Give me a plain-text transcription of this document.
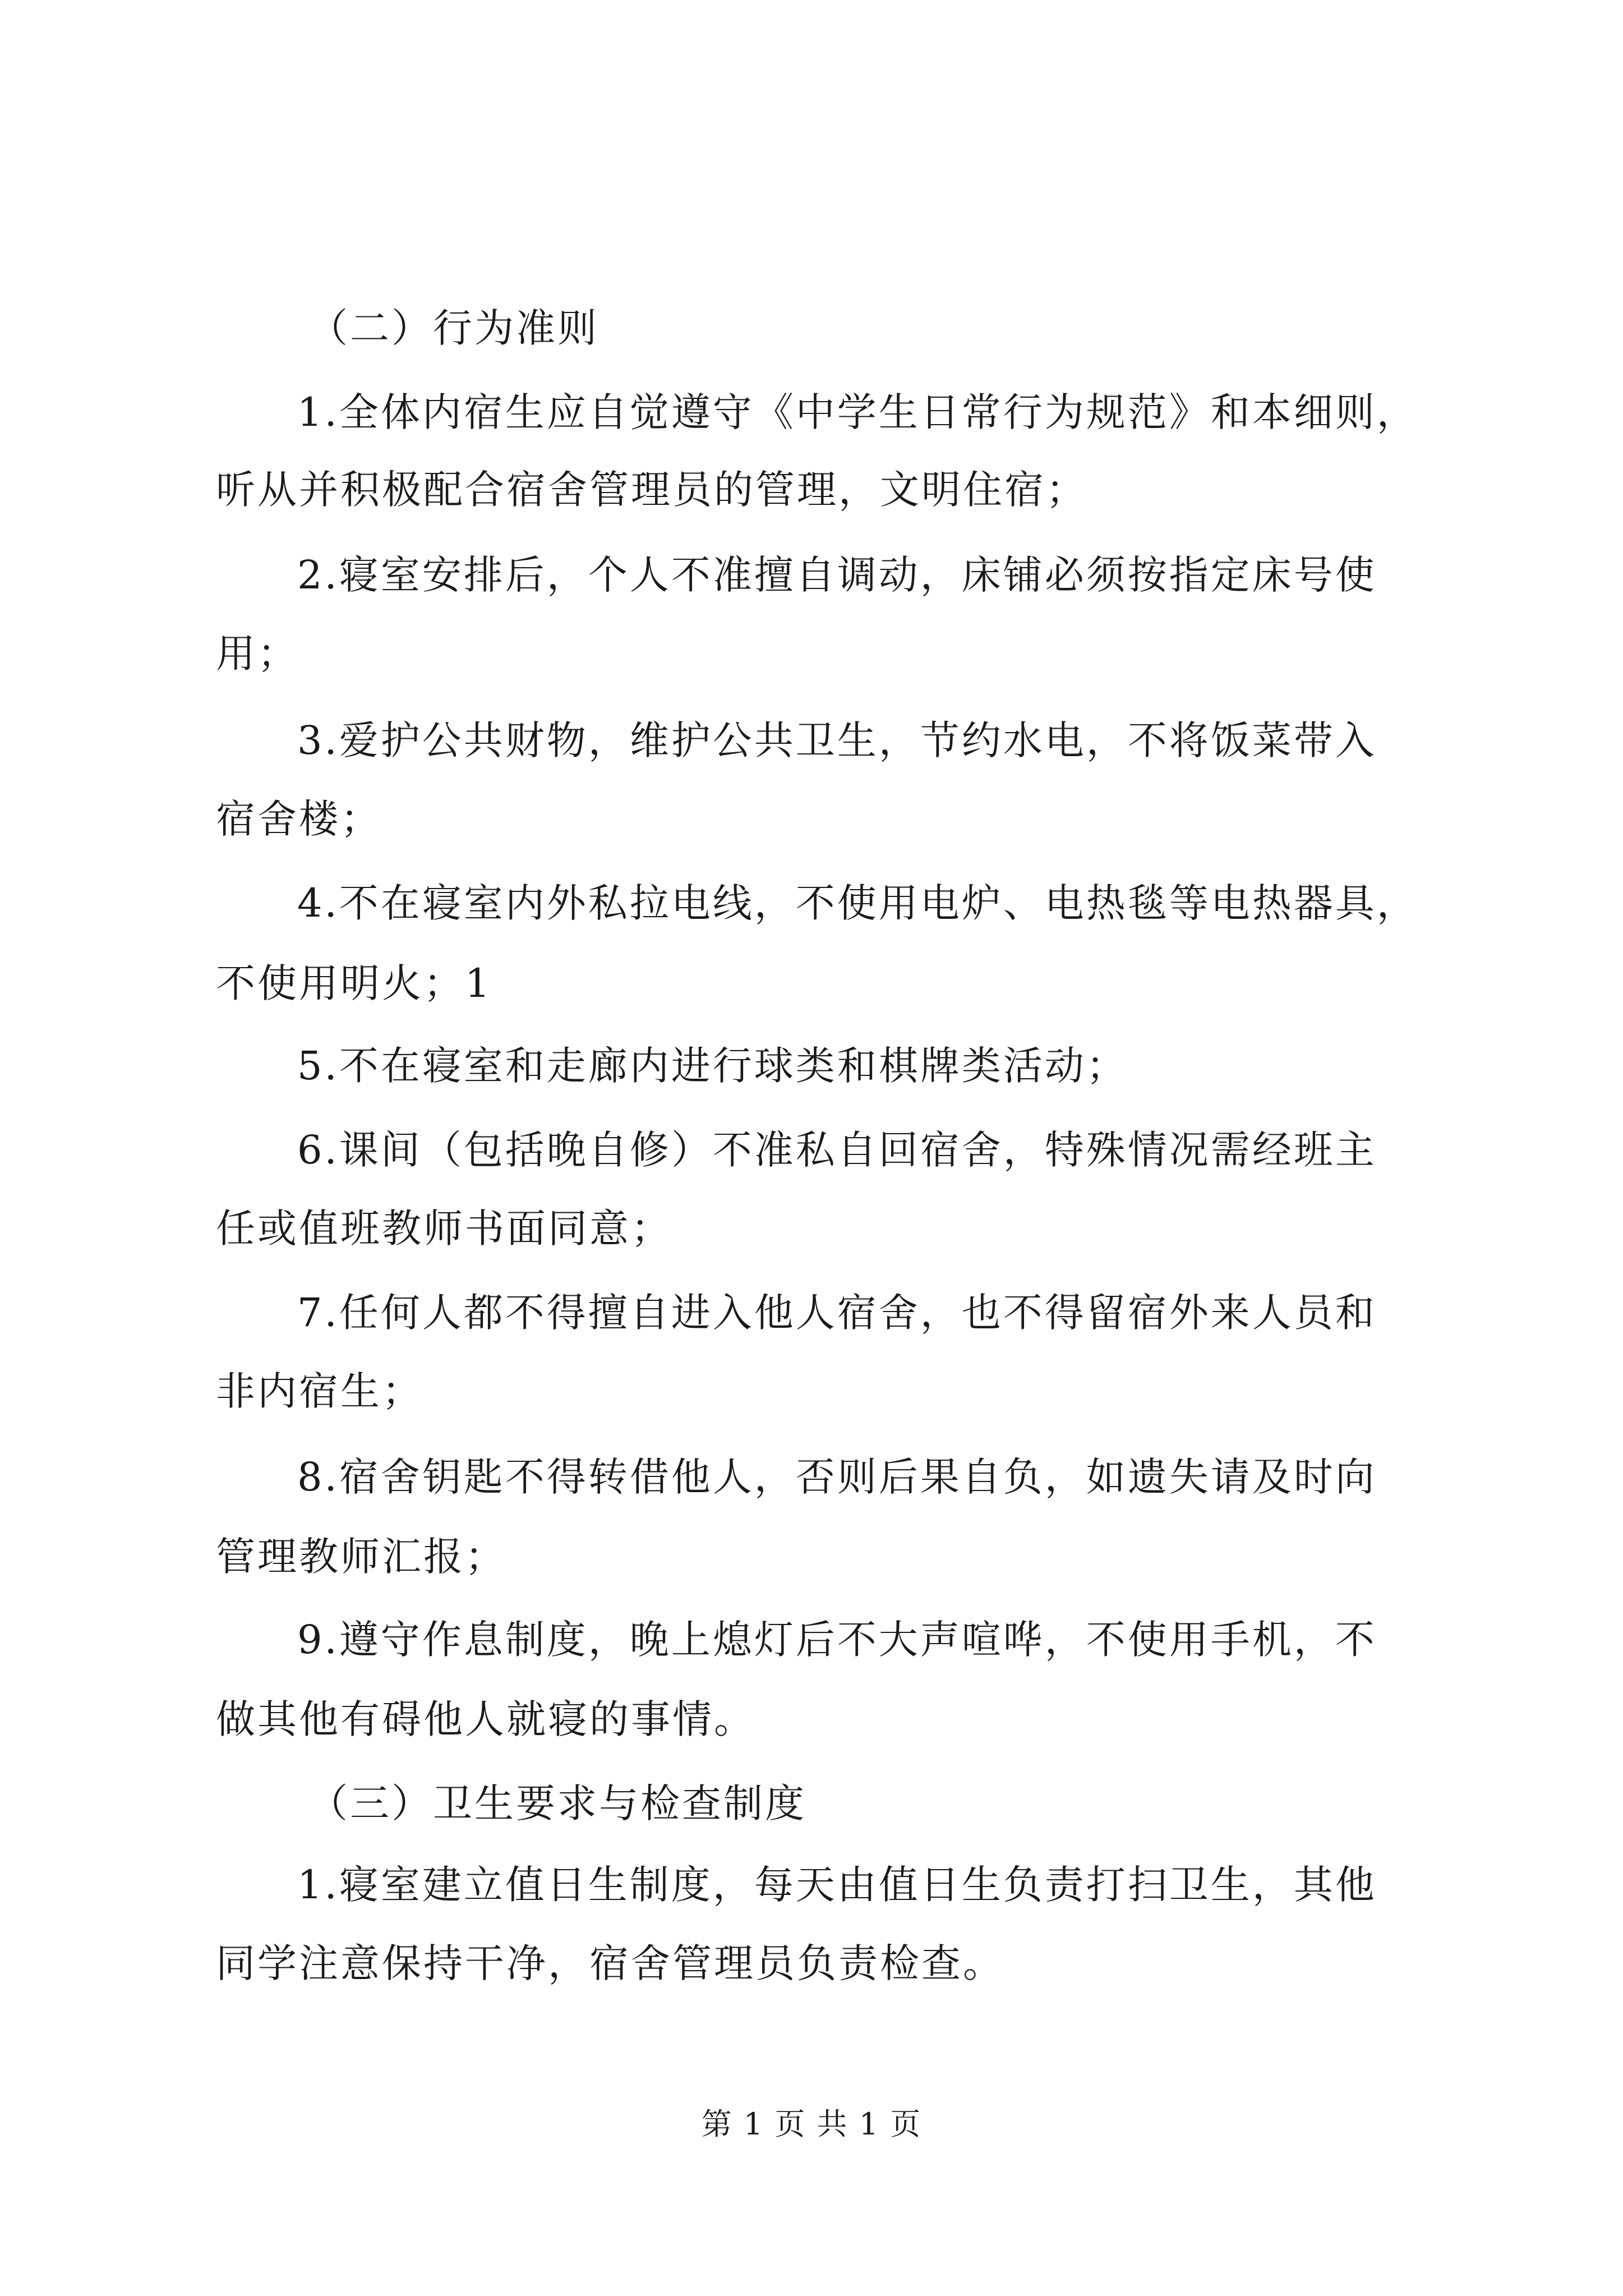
（二）行为准则
1.全体内宿生应自觉遵守《中学生日常行为规范》和本细则，
听从并积极配合宿舍管理员的管理，文明住宿；
2.寝室安排后，个人不准擅自调动，床铺必须按指定床号使
用；
3.爱护公共财物，维护公共卫生，节约水电，不将饭菜带入
宿舍楼；
4.不在寝室内外私拉电线，不使用电炉、电热毯等电热器具，
不使用明火；1
5.不在寝室和走廊内进行球类和棋牌类活动；
6.课间（包括晚自修）不准私自回宿舍，特殊情况需经班主
任或值班教师书面同意；
7.任何人都不得擅自进入他人宿舍，也不得留宿外来人员和
非内宿生；
8.宿舍钥匙不得转借他人，否则后果自负，如遗失请及时向
管理教师汇报；
9.遵守作息制度，晚上熄灯后不大声喧哗，不使用手机，不
做其他有碍他人就寝的事情。
（三）卫生要求与检查制度
1.寝室建立值日生制度，每天由值日生负责打扫卫生，其他
同学注意保持干净，宿舍管理员负责检查。
第 1 页 共 1 页
